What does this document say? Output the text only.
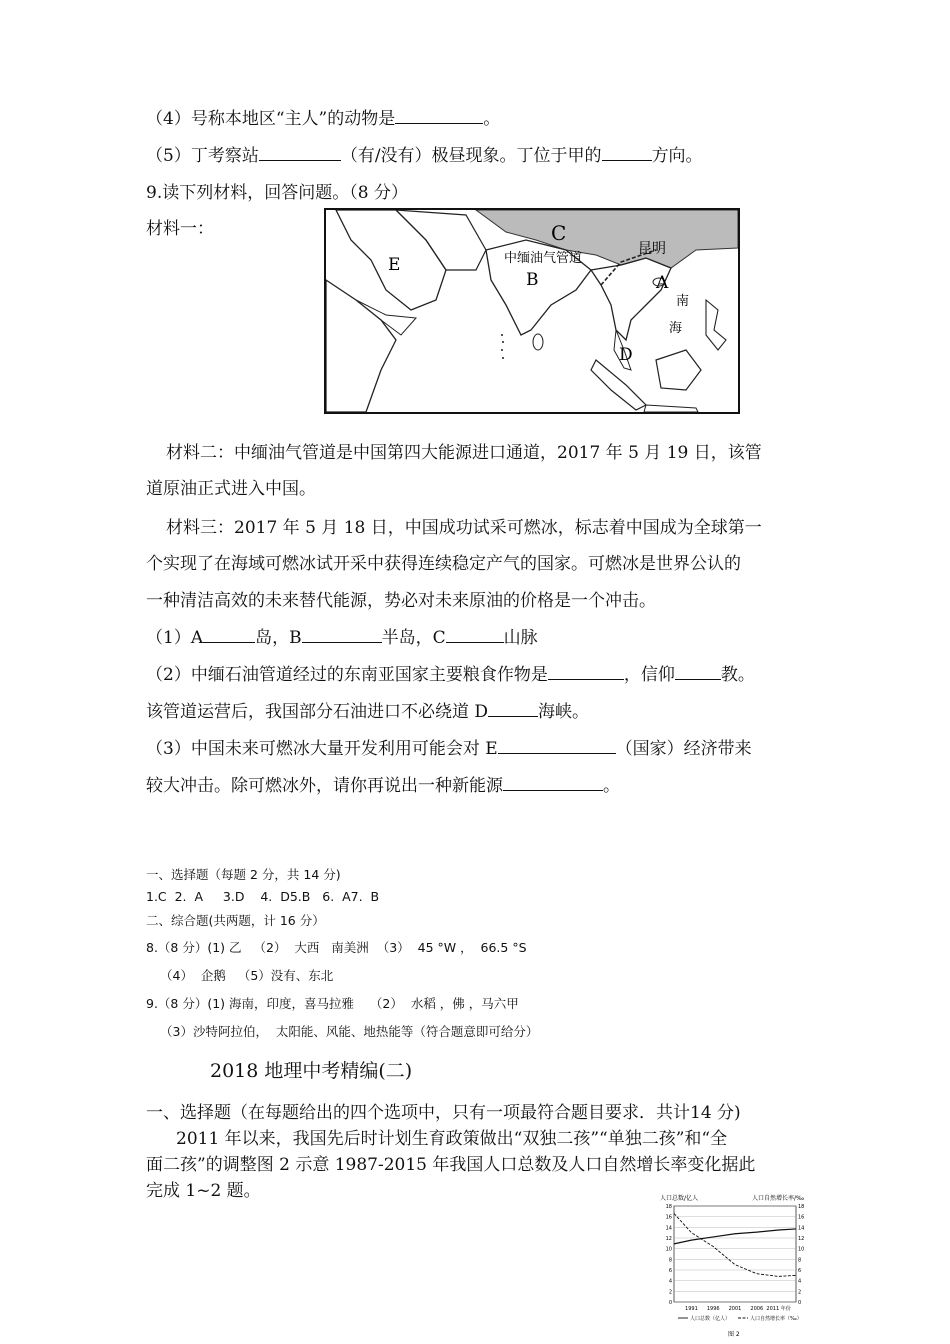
（4）号称本地区“主人”的动物是	。
（5）丁考察站	（有/没有）极昼现象。丁位于甲的	方向。
9.读下列材料，回答问题。（8 分）
材料一：	C
中缅油气管道
昆明
B
E
A
南
海
D
材料二：中缅油气管道是中国第四大能源进口通道，2017 年 5 月 19 日，该管
道原油正式进入中国。
材料三：2017 年 5 月 18 日，中国成功试采可燃冰，标志着中国成为全球第一
个实现了在海域可燃冰试开采中获得连续稳定产气的国家。可燃冰是世界公认的
一种清洁高效的未来替代能源，势必对未来原油的价格是一个冲击。
（1）A	岛，B	半岛，C	山脉
（2）中缅石油管道经过的东南亚国家主要粮食作物是	，信仰	教。
该管道运营后，我国部分石油进口不必绕道 D	海峡。
（3）中国未来可燃冰大量开发利用可能会对 E	（国家）经济带来
较大冲击。除可燃冰外，请你再说出一种新能源	。
一、选择题（每题 2 分，共 14 分)
1.C  2.  A     3.D    4.  D5.B   6.  A7.  B
二、综合题(共两题，计 16 分）
8.（8 分）(1) 乙   （2）  大西   南美洲  （3）  45 °W ，  66.5 °S
（4）  企鹅   （5）没有、东北
9.（8 分）(1) 海南，印度，喜马拉雅    （2）  水稻 ，佛 ，马六甲
（3）沙特阿拉伯，  太阳能、风能、地热能等（符合题意即可给分）
2018 地理中考精编(二)
一、选择题（在每题给出的四个选项中，只有一项最符合题目要求．共计14 分)
2011 年以来，我国先后时计划生育政策做出“双独二孩”“单独二孩”和“全
面二孩”的调整图 2 示意 1987-2015 年我国人口总数及人口自然增长率变化据此
完成 1~2 题。	人口总数/亿人	人口自然增长率/‰
0	0
2	2
4	4
6	6
8	8
10	10
12	12
14	14
16	16
18	18
1991 1996 2001 2006 2011 年份
人口总数（亿人）	人口自然增长率（‰）
图 2
